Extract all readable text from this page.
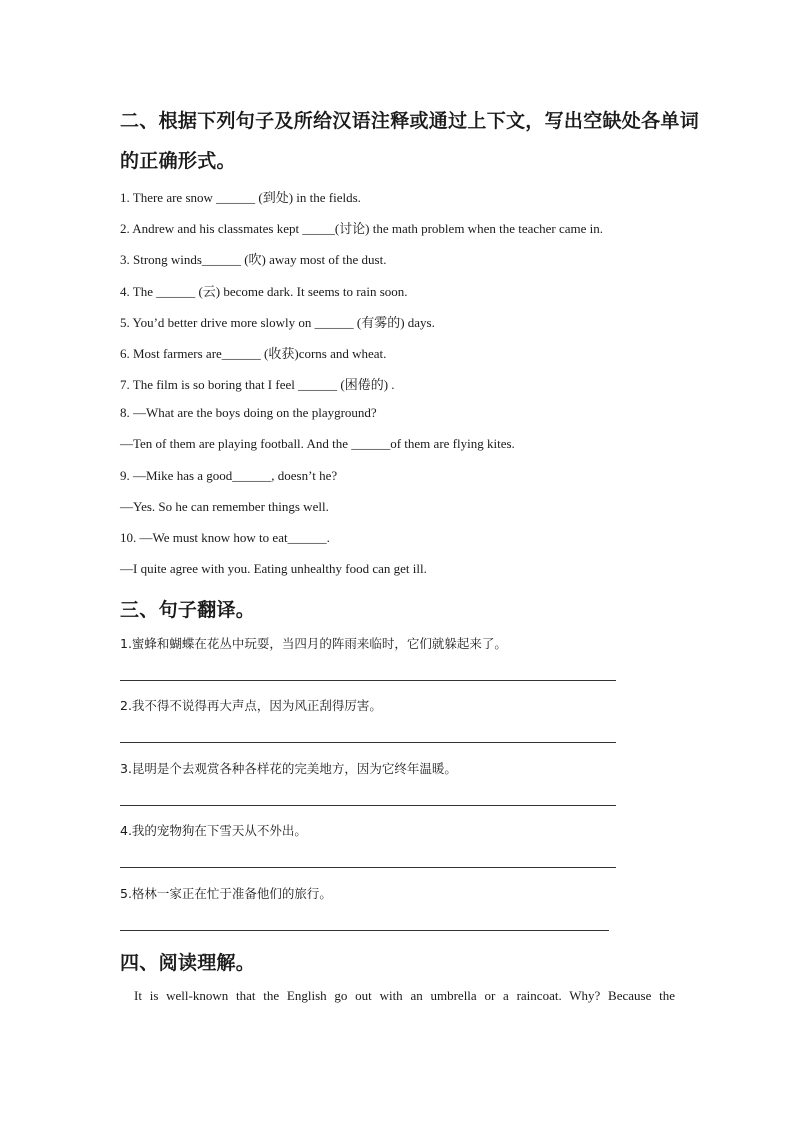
二、根据下列句子及所给汉语注释或通过上下文，写出空缺处各单词
的正确形式。
1. There are snow ______ (到处) in the fields.
2. Andrew and his classmates kept _____(讨论) the math problem when the teacher came in.
3. Strong winds______ (吹) away most of the dust.
4. The ______ (云) become dark. It seems to rain soon.
5. You’d better drive more slowly on ______ (有雾的) days.
6. Most farmers are______ (收获)corns and wheat.
7. The film is so boring that I feel ______ (困倦的) .
8. —What are the boys doing on the playground?
—Ten of them are playing football. And the ______of them are flying kites.
9. —Mike has a good______, doesn’t he?
—Yes. So he can remember things well.
10. —We must know how to eat______.
—I quite agree with you. Eating unhealthy food can get ill.
三、句子翻译。
1.蜜蜂和蝴蝶在花丛中玩耍，当四月的阵雨来临时，它们就躲起来了。
2.我不得不说得再大声点，因为风正刮得厉害。
3.昆明是个去观赏各种各样花的完美地方，因为它终年温暖。
4.我的宠物狗在下雪天从不外出。
5.格林一家正在忙于准备他们的旅行。
四、阅读理解。
It is well-known that the English go out with an umbrella or a raincoat. Why? Because the
